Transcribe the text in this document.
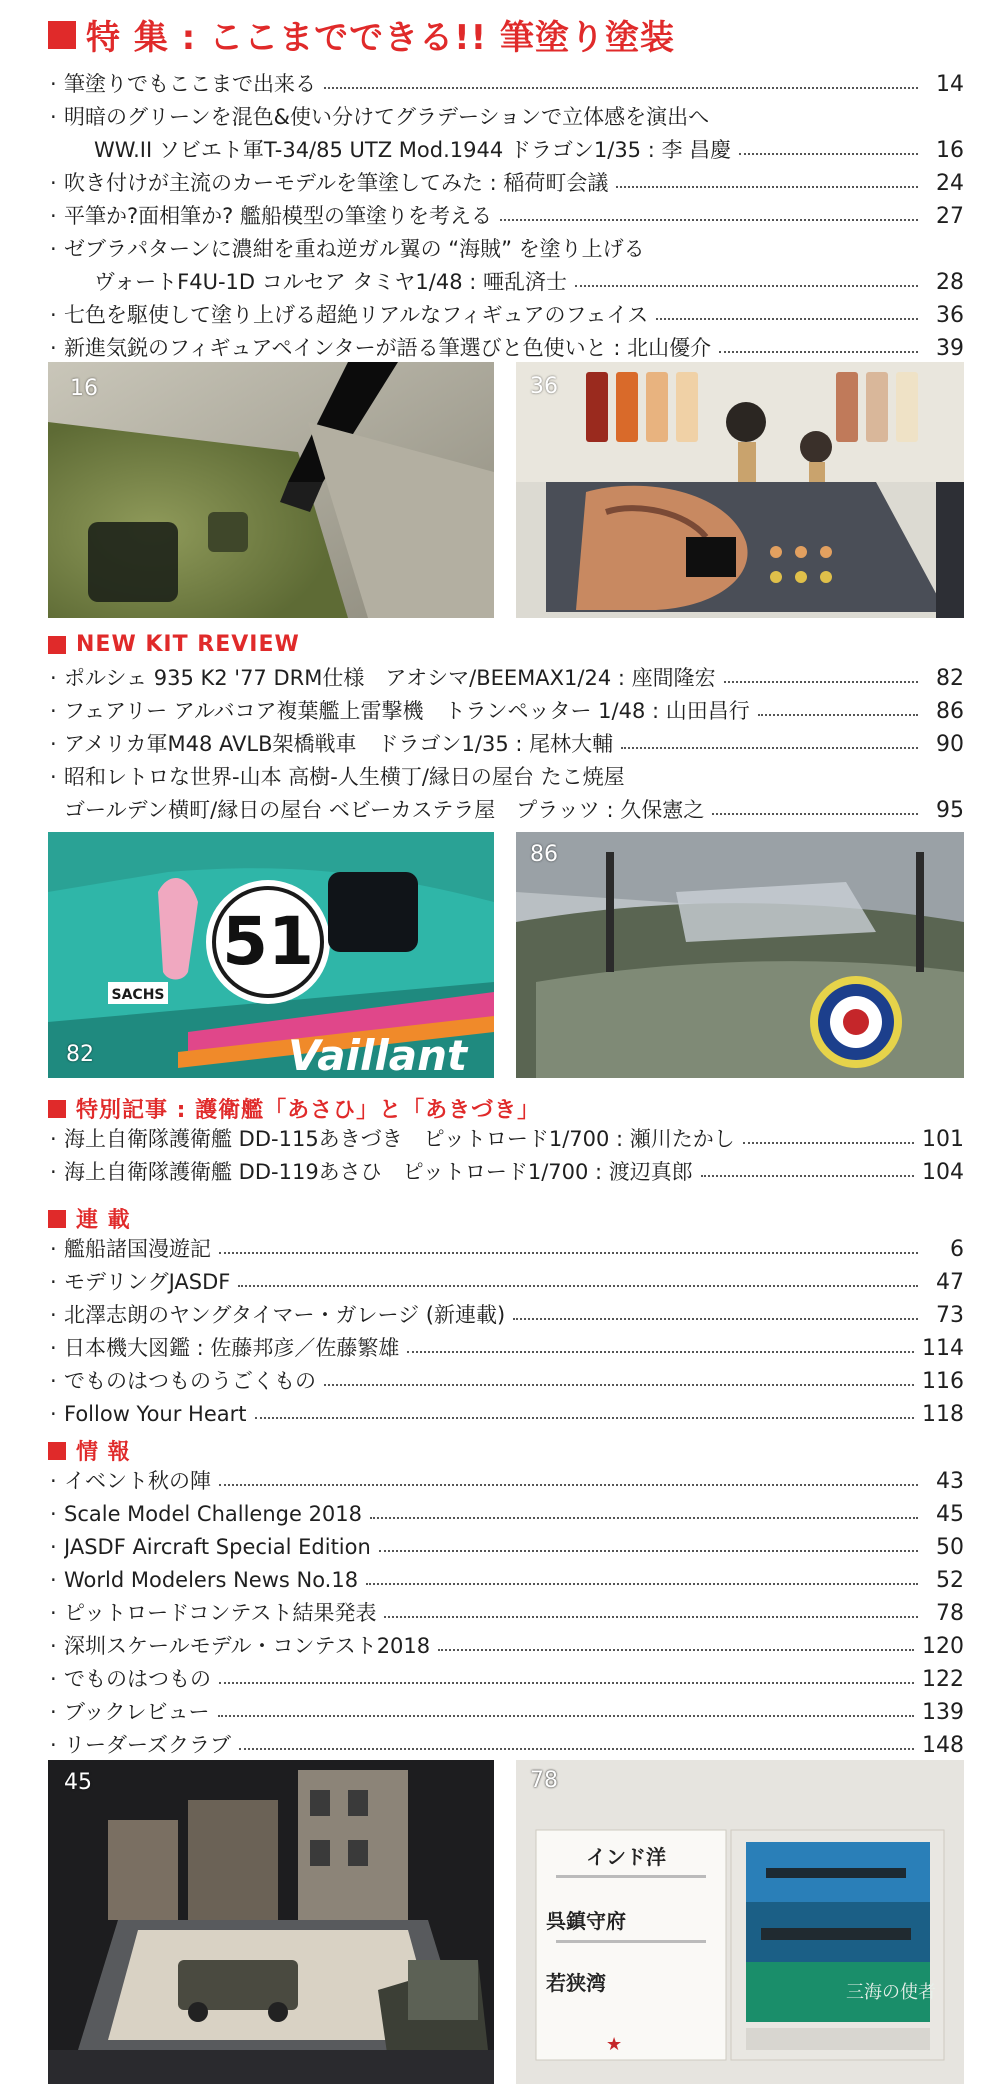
特 集 : ここまでできる!! 筆塗り塗装
· 筆塗りでもここまで出来る	14
· 明暗のグリーンを混色&使い分けてグラデーションで立体感を演出へ
WW.II ソビエト軍T-34/85 UTZ Mod.1944 ドラゴン1/35 : 李 昌慶	16
· 吹き付けが主流のカーモデルを筆塗してみた : 稲荷町会議	24
· 平筆か?面相筆か? 艦船模型の筆塗りを考える	27
· ゼブラパターンに濃紺を重ね逆ガル翼の “海賊” を塗り上げる
ヴォートF4U-1D コルセア タミヤ1/48 : 唖乱済士	28
· 七色を駆使して塗り上げる超絶リアルなフィギュアのフェイス	36
· 新進気鋭のフィギュアペインターが語る筆選びと色使いと : 北山優介	39
16	36
NEW KIT REVIEW
· ポルシェ 935 K2 '77 DRM仕様　アオシマ/BEEMAX1/24 : 座間隆宏	82
· フェアリー アルバコア複葉艦上雷撃機　トランペッター 1/48 : 山田昌行	86
· アメリカ軍M48 AVLB架橋戦車　ドラゴン1/35 : 尾林大輔	90
· 昭和レトロな世界-山本 高樹-人生横丁/縁日の屋台 たこ焼屋
ゴールデン横町/縁日の屋台 ベビーカステラ屋　プラッツ : 久保憲之	95
51
SACHS
Vaillant
82
86
特別記事 : 護衛艦「あさひ」と「あきづき」
· 海上自衛隊護衛艦 DD-115あきづき　ピットロード1/700 : 瀬川たかし	101
· 海上自衛隊護衛艦 DD-119あさひ　ピットロード1/700 : 渡辺真郎	104
連 載
· 艦船諸国漫遊記	6
· モデリングJASDF	47
· 北澤志朗のヤングタイマー・ガレージ (新連載)	73
· 日本機大図鑑 : 佐藤邦彦／佐藤繁雄	114
· でものはつものうごくもの	116
· Follow Your Heart	118
情 報
· イベント秋の陣	43
· Scale Model Challenge 2018	45
· JASDF Aircraft Special Edition	50
· World Modelers News No.18	52
· ピットロードコンテスト結果発表	78
· 深圳スケールモデル・コンテスト2018	120
· でものはつもの	122
· ブックレビュー	139
· リーダーズクラブ	148
45
インド洋
呉鎮守府
若狭湾
★
三海の使者
78
